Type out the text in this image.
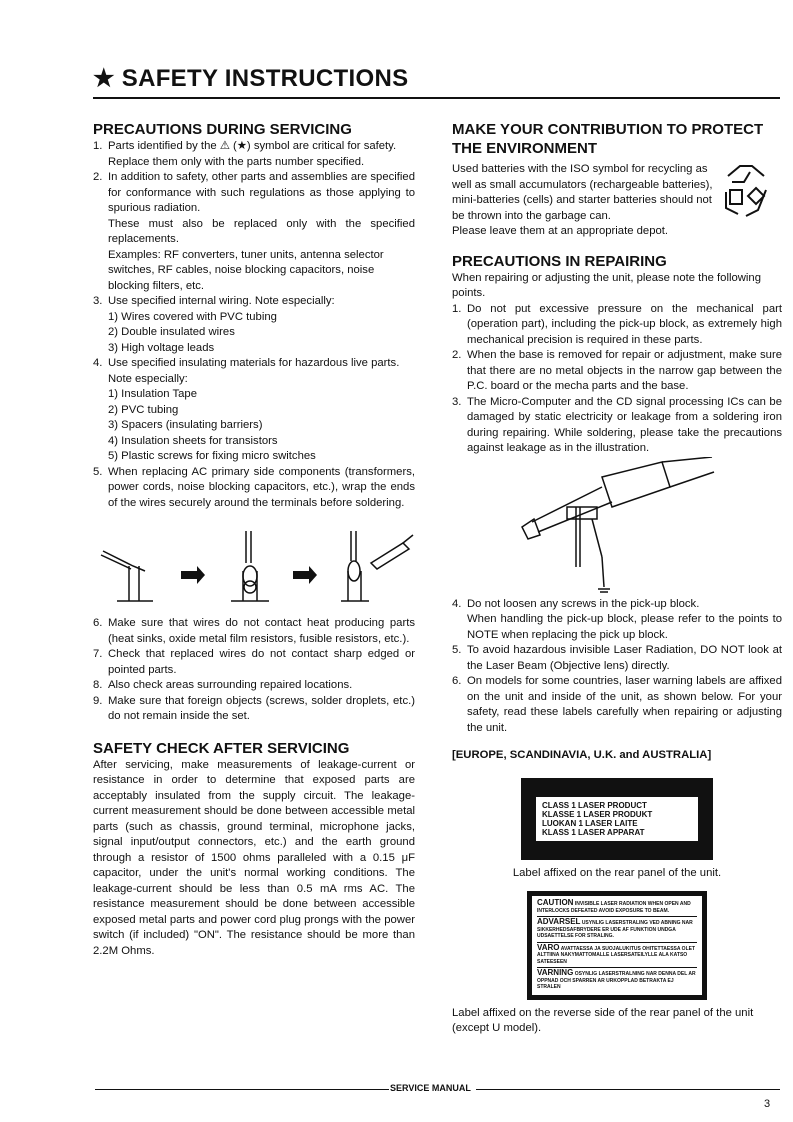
★ SAFETY INSTRUCTIONS
PRECAUTIONS DURING SERVICING
1. Parts identified by the ⚠ (★) symbol are critical for safety. Replace them only with the parts number specified.
2. In addition to safety, other parts and assemblies are specified for conformance with such regulations as those applying to spurious radiation.
These must also be replaced only with the specified replacements.
Examples: RF converters, tuner units, antenna selector switches, RF cables, noise blocking capacitors, noise blocking filters, etc.
3. Use specified internal wiring. Note especially:
1) Wires covered with PVC tubing
2) Double insulated wires
3) High voltage leads
4. Use specified insulating materials for hazardous live parts. Note especially:
1) Insulation Tape
2) PVC tubing
3) Spacers (insulating barriers)
4) Insulation sheets for transistors
5) Plastic screws for fixing micro switches
5. When replacing AC primary side components (transformers, power cords, noise blocking capacitors, etc.), wrap the ends of the wires securely around the terminals before soldering.
6. Make sure that wires do not contact heat producing parts (heat sinks, oxide metal film resistors, fusible resistors, etc.).
7. Check that replaced wires do not contact sharp edged or pointed parts.
8. Also check areas surrounding repaired locations.
9. Make sure that foreign objects (screws, solder droplets, etc.) do not remain inside the set.
SAFETY CHECK AFTER SERVICING

After servicing, make measurements of leakage-current or resistance in order to determine that exposed parts are acceptably insulated from the supply circuit. The leakage-current measurement should be done between accessible metal parts (such as chassis, ground terminal, microphone jacks, signal input/output connectors, etc.) and the earth ground through a resistor of 1500 ohms paralleled with a 0.15 μF capacitor, under the unit's normal working conditions. The leakage-current should be less than 0.5 mA rms AC. The resistance measurement should be done between accessible exposed metal parts and power cord plug prongs with the power switch (if included) "ON". The resistance should be more than 2.2M Ohms.

MAKE YOUR CONTRIBUTION TO PROTECT
THE ENVIRONMENT

Used batteries with the ISO symbol for recycling as well as small accumulators (rechargeable batteries), mini-batteries (cells) and starter batteries should not be thrown into the garbage can.

Please leave them at an appropriate depot.

PRECAUTIONS IN REPAIRING

When repairing or adjusting the unit, please note the following points.

1. Do not put excessive pressure on the mechanical part (operation part), including the pick-up block, as extremely high mechanical precision is required in these parts.
2. When the base is removed for repair or adjustment, make sure that there are no metal objects in the narrow gap between the P.C. board or the mecha parts and the base.
3. The Micro-Computer and the CD signal processing ICs can be damaged by static electricity or leakage from a soldering iron during repairing. While soldering, please take the precautions against leakage as in the illustration.
4. Do not loosen any screws in the pick-up block.
When handling the pick-up block, please refer to the points to NOTE when replacing the pick up block.
5. To avoid hazardous invisible Laser Radiation, DO NOT look at the Laser Beam (Objective lens) directly.
6. On models for some countries, laser warning labels are affixed on the unit and inside of the unit, as shown below. For your safety, read these labels carefully when repairing or adjusting the unit.

[EUROPE, SCANDINAVIA, U.K. and AUSTRALIA]

CLASS 1 LASER PRODUCT
KLASSE 1 LASER PRODUKT
LUOKAN 1 LASER LAITE
KLASS 1 LASER APPARAT

Label affixed on the rear panel of the unit.

CAUTION INVISIBLE LASER RADIATION WHEN OPEN AND INTERLOCKS DEFEATED AVOID EXPOSURE TO BEAM.
ADVARSEL USYNLIG LASERSTRALING VED ABNING NAR SIKKERHEDSAFBRYDERE ER UDE AF FUNKTION UNDGA UDSAETTELSE FOR STRALING.
VARO AVATTAESSA JA SUOJALUKITUS OHITETTAESSA OLET ALTTIINA NAKYMATTOMALLE LASERSATEILYLLE ALA KATSO SATEESEEN
VARNING OSYNLIG LASERSTRALNING NAR DENNA DEL AR OPPNAD OCH SPARREN AR URKOPPLAD BETRAKTA EJ STRALEN

Label affixed on the reverse side of the rear panel of the unit

(except U model).

SERVICE MANUAL
3
